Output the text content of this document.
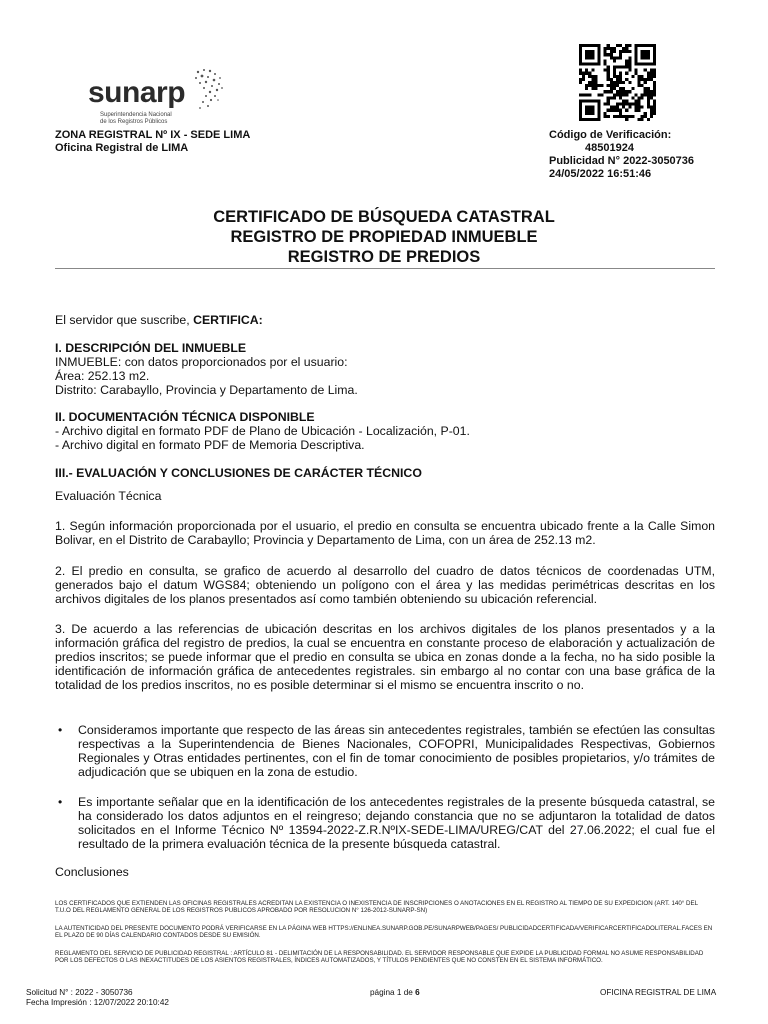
sunarp
Superintendencia Nacional
de los Registros Públicos
ZONA REGISTRAL Nº IX - SEDE LIMA
Oficina Registral de LIMA
Código de Verificación:
48501924
Publicidad N° 2022-3050736
24/05/2022 16:51:46
CERTIFICADO DE BÚSQUEDA CATASTRAL
REGISTRO DE PROPIEDAD INMUEBLE
REGISTRO DE PREDIOS
El servidor que suscribe, CERTIFICA:
I. DESCRIPCIÓN DEL INMUEBLE
INMUEBLE: con datos proporcionados por el usuario:
Área: 252.13 m2.
Distrito: Carabayllo, Provincia y Departamento de Lima.
II. DOCUMENTACIÓN TÉCNICA DISPONIBLE
- Archivo digital en formato PDF de Plano de Ubicación - Localización, P-01.
- Archivo digital en formato PDF de Memoria Descriptiva.
III.- EVALUACIÓN Y CONCLUSIONES DE CARÁCTER TÉCNICO
Evaluación Técnica
1. Según información proporcionada por el usuario, el predio en consulta se encuentra ubicado frente a la Calle Simon Bolivar, en el Distrito de Carabayllo; Provincia y Departamento de Lima, con un área de 252.13 m2.
2. El predio en consulta, se grafico de acuerdo al desarrollo del cuadro de datos técnicos de coordenadas UTM, generados bajo el datum WGS84; obteniendo un polígono con el área y las medidas perimétricas descritas en los archivos digitales de los planos presentados así como también obteniendo su ubicación referencial.
3. De acuerdo a las referencias de ubicación descritas en los archivos digitales de los planos presentados y a la información gráfica del registro de predios, la cual se encuentra en constante proceso de elaboración y actualización de predios inscritos; se puede informar que el predio en consulta se ubica en zonas donde a la fecha, no ha sido posible la identificación de información gráfica de antecedentes registrales. sin embargo al no contar con una base gráfica de la totalidad de los predios inscritos, no es posible determinar si el mismo se encuentra inscrito o no.
• Consideramos importante que respecto de las áreas sin antecedentes registrales, también se efectúen las consultas respectivas a la Superintendencia de Bienes Nacionales, COFOPRI, Municipalidades Respectivas, Gobiernos Regionales y Otras entidades pertinentes, con el fin de tomar conocimiento de posibles propietarios, y/o trámites de adjudicación que se ubiquen en la zona de estudio.
• Es importante señalar que en la identificación de los antecedentes registrales de la presente búsqueda catastral, se ha considerado los datos adjuntos en el reingreso; dejando constancia que no se adjuntaron la totalidad de datos solicitados en el Informe Técnico Nº 13594-2022-Z.R.NºIX-SEDE-LIMA/UREG/CAT del 27.06.2022; el cual fue el resultado de la primera evaluación técnica de la presente búsqueda catastral.
Conclusiones
LOS CERTIFICADOS QUE EXTIENDEN LAS OFICINAS REGISTRALES ACREDITAN LA EXISTENCIA O INEXISTENCIA DE INSCRIPCIONES O ANOTACIONES EN EL REGISTRO AL TIEMPO DE SU EXPEDICION (ART. 140° DEL T.U.O DEL REGLAMENTO GENERAL DE LOS REGISTROS PUBLICOS APROBADO POR RESOLUCION N° 126-2012-SUNARP-SN)
LA AUTENTICIDAD DEL PRESENTE DOCUMENTO PODRÁ VERIFICARSE EN LA PÁGINA WEB HTTPS://ENLINEA.SUNARP.GOB.PE/SUNARPWEB/PAGES/ PUBLICIDADCERTIFICADA/VERIFICARCERTIFICADOLITERAL.FACES EN EL PLAZO DE 90 DÍAS CALENDARIO CONTADOS DESDE SU EMISIÓN.
REGLAMENTO DEL SERVICIO DE PUBLICIDAD REGISTRAL : ARTÍCULO 81 - DELIMITACIÓN DE LA RESPONSABILIDAD. EL SERVIDOR RESPONSABLE QUE EXPIDE LA PUBLICIDAD FORMAL NO ASUME RESPONSABILIDAD POR LOS DEFECTOS O LAS INEXACTITUDES DE LOS ASIENTOS REGISTRALES, ÍNDICES AUTOMATIZADOS, Y TÍTULOS PENDIENTES QUE NO CONSTEN EN EL SISTEMA INFORMÁTICO.
Solicitud N° : 2022 - 3050736
Fecha Impresión : 12/07/2022 20:10:42
página 1 de 6	OFICINA REGISTRAL DE LIMA
